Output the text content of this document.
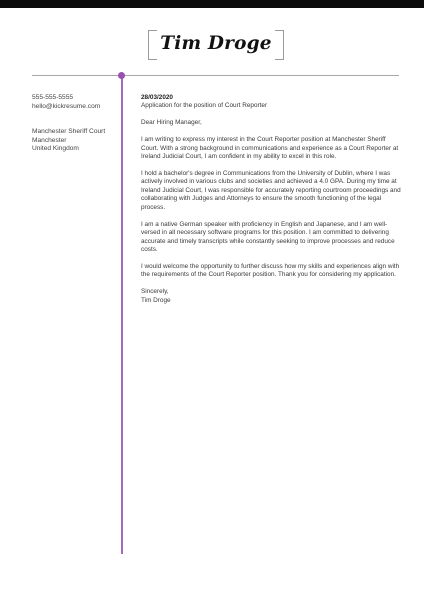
Tim Droge
555-555-5555
hello@kickresume.com
Manchester Sheriff Court
Manchester
United Kingdom
28/03/2020

Application for the position of Court Reporter

Dear Hiring Manager,

I am writing to express my interest in the Court Reporter position at Manchester Sheriff Court. With a strong background in communications and experience as a Court Reporter at Ireland Judicial Court, I am confident in my ability to excel in this role.

I hold a bachelor's degree in Communications from the University of Dublin, where I was actively involved in various clubs and societies and achieved a 4.0 GPA. During my time at Ireland Judicial Court, I was responsible for accurately reporting courtroom proceedings and collaborating with Judges and Attorneys to ensure the smooth functioning of the legal process.

I am a native German speaker with proficiency in English and Japanese, and I am well-versed in all necessary software programs for this position. I am committed to delivering accurate and timely transcripts while constantly seeking to improve processes and reduce costs.

I would welcome the opportunity to further discuss how my skills and experiences align with the requirements of the Court Reporter position. Thank you for considering my application.

Sincerely,

Tim Droge
